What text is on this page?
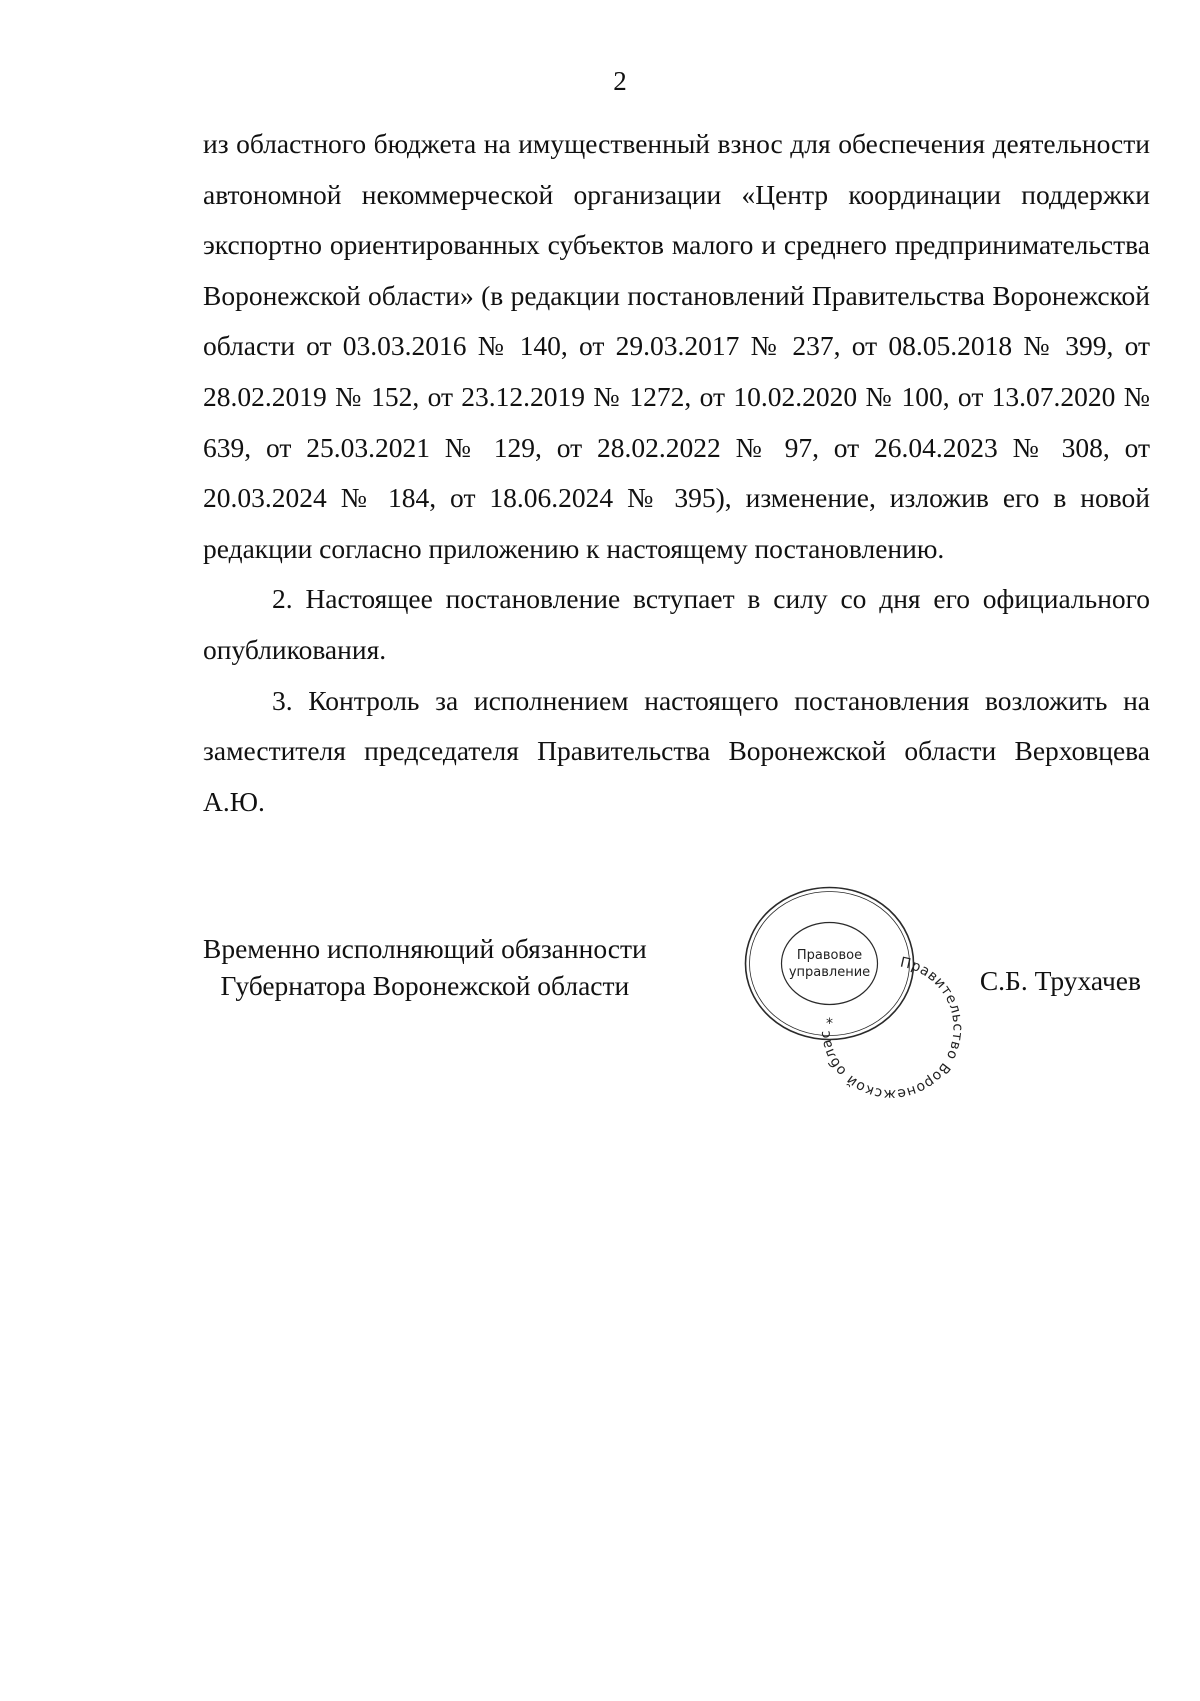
2

из областного бюджета на имущественный взнос для обеспечения деятельности автономной некоммерческой организации «Центр координации поддержки экспортно ориентированных субъектов малого и среднего предпринимательства Воронежской области» (в редакции постановлений Правительства Воронежской области от 03.03.2016 № 140, от 29.03.2017 № 237, от 08.05.2018 № 399, от 28.02.2019 № 152, от 23.12.2019 № 1272, от 10.02.2020 № 100, от 13.07.2020 № 639, от 25.03.2021 № 129, от 28.02.2022 № 97, от 26.04.2023 № 308, от 20.03.2024 № 184, от 18.06.2024 № 395), изменение, изложив его в новой редакции согласно приложению к настоящему постановлению.

2. Настоящее постановление вступает в силу со дня его официального опубликования.

3. Контроль за исполнением настоящего постановления возложить на заместителя председателя Правительства Воронежской области Верховцева А.Ю.

Временно исполняющий обязанности
Губернатора Воронежской области
Правительство Воронежской области
Правовое
управление
*
С.Б. Трухачев
